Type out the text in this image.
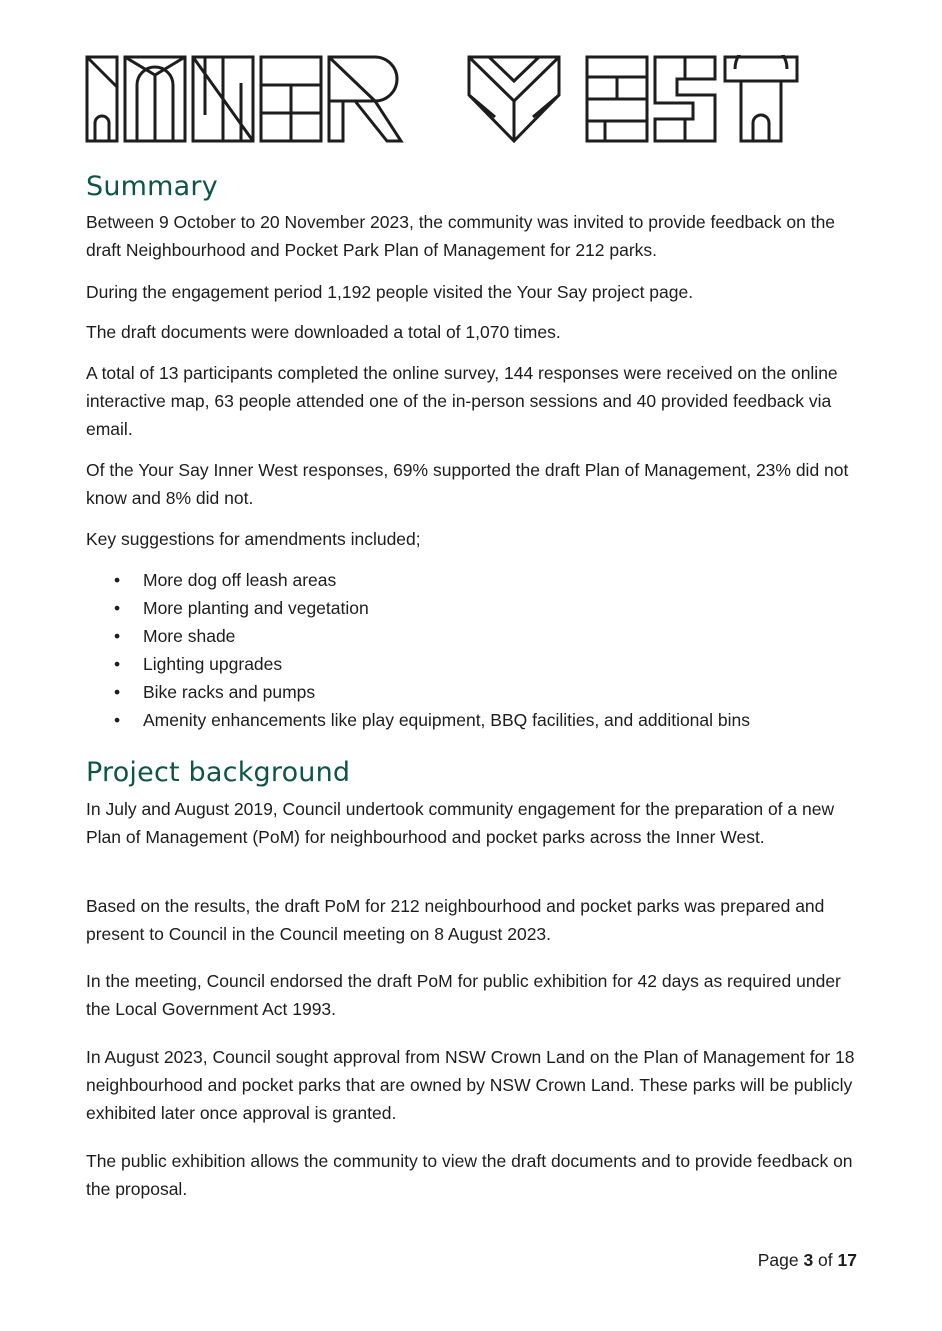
Summary

Between 9 October to 20 November 2023, the community was invited to provide feedback on the draft Neighbourhood and Pocket Park Plan of Management for 212 parks.

During the engagement period 1,192 people visited the Your Say project page.

The draft documents were downloaded a total of 1,070 times.

A total of 13 participants completed the online survey, 144 responses were received on the online interactive map, 63 people attended one of the in-person sessions and 40 provided feedback via email.

Of the Your Say Inner West responses, 69% supported the draft Plan of Management, 23% did not know and 8% did not.

Key suggestions for amendments included;

• More dog off leash areas
• More planting and vegetation
• More shade
• Lighting upgrades
• Bike racks and pumps
• Amenity enhancements like play equipment, BBQ facilities, and additional bins
Project background

In July and August 2019, Council undertook community engagement for the preparation of a new Plan of Management (PoM) for neighbourhood and pocket parks across the Inner West.

Based on the results, the draft PoM for 212 neighbourhood and pocket parks was prepared and present to Council in the Council meeting on 8 August 2023.

In the meeting, Council endorsed the draft PoM for public exhibition for 42 days as required under the Local Government Act 1993.

In August 2023, Council sought approval from NSW Crown Land on the Plan of Management for 18 neighbourhood and pocket parks that are owned by NSW Crown Land. These parks will be publicly exhibited later once approval is granted.

The public exhibition allows the community to view the draft documents and to provide feedback on the proposal.

Page 3 of 17
